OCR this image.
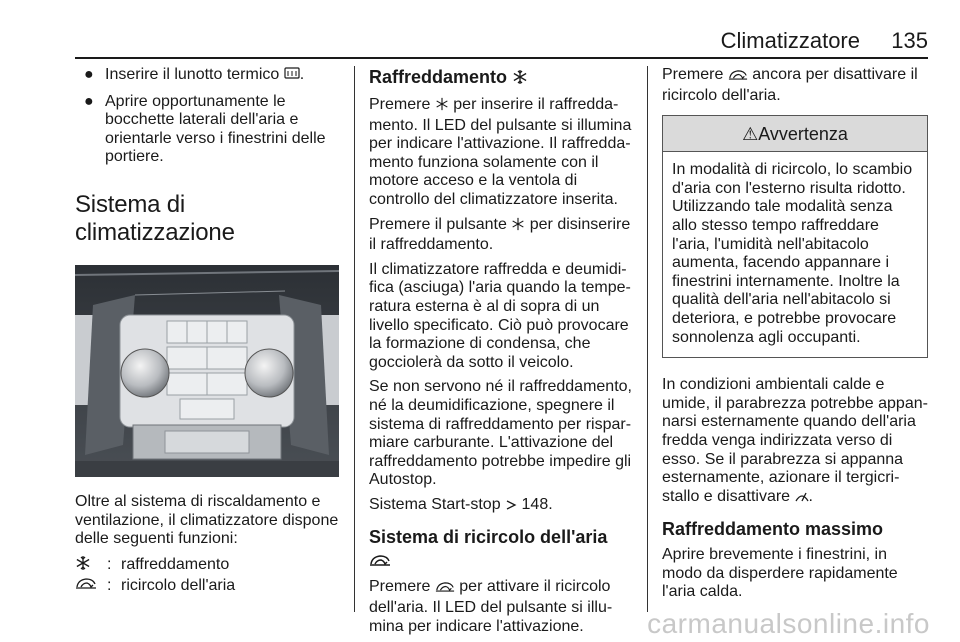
Climatizzatore 135
● Inserire il lunotto termico .
● Aprire opportunamente le bocchette laterali dell'aria e orientarle verso i finestrini delle portiere.
Sistema di climatizzazione

Oltre al sistema di riscaldamento e ventilazione, il climatizzatore dispone delle seguenti funzioni:

: raffreddamento
: ricircolo dell'aria
Raffreddamento

Premere per inserire il raffreddamento. Il LED del pulsante si illumina per indicare l'attivazione. Il raffreddamento funziona solamente con il motore acceso e la ventola di controllo del climatizzatore inserita.

Premere il pulsante per disinserire il raffreddamento.

Il climatizzatore raffredda e deumidifica (asciuga) l'aria quando la temperatura esterna è al di sopra di un livello specificato. Ciò può provocare la formazione di condensa, che gocciolerà da sotto il veicolo.

Se non servono né il raffreddamento, né la deumidificazione, spegnere il sistema di raffreddamento per risparmiare carburante. L'attivazione del raffreddamento potrebbe impedire gli Autostop.

Sistema Start-stop 148.

Sistema di ricircolo dell'aria

Premere per attivare il ricircolo dell'aria. Il LED del pulsante si illumina per indicare l'attivazione.

Premere ancora per disattivare il ricircolo dell'aria.

⚠Avvertenza
In modalità di ricircolo, lo scambio d'aria con l'esterno risulta ridotto. Utilizzando tale modalità senza allo stesso tempo raffreddare l'aria, l'umidità nell'abitacolo aumenta, facendo appannare i finestrini internamente. Inoltre la qualità dell'aria nell'abitacolo si deteriora, e potrebbe provocare sonnolenza agli occupanti.

In condizioni ambientali calde e umide, il parabrezza potrebbe appannarsi esternamente quando dell'aria fredda venga indirizzata verso di esso. Se il parabrezza si appanna esternamente, azionare il tergicristallo e disattivare .

Raffreddamento massimo

Aprire brevemente i finestrini, in modo da disperdere rapidamente l'aria calda.

carmanualsonline.info
